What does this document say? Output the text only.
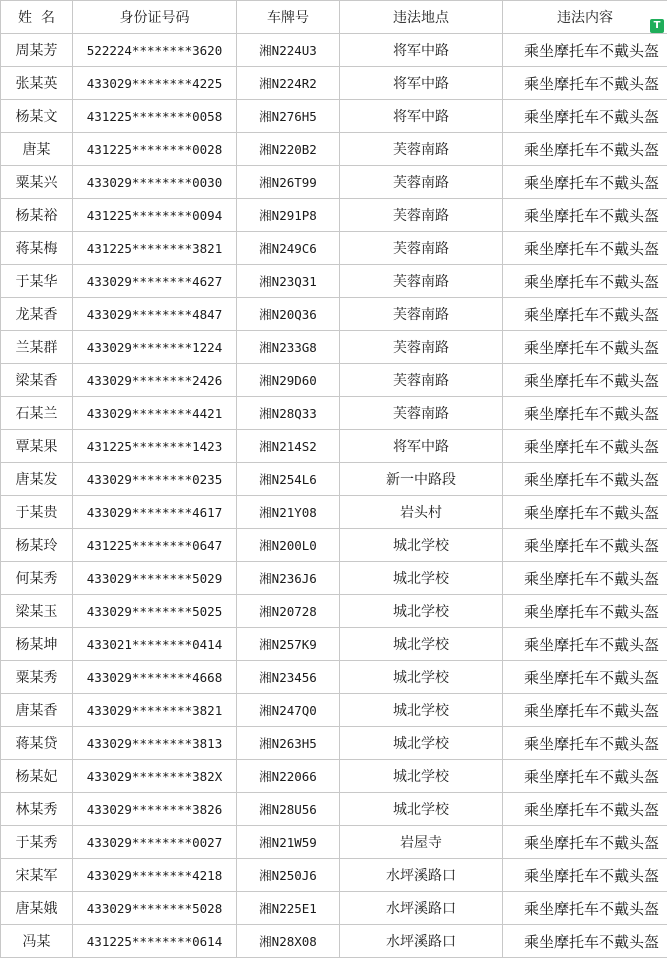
姓  名	身份证号码	车牌号	违法地点	违法内容 T

周某芳	522224********3620	湘N224U3	将军中路	乘坐摩托车不戴头盔
张某英	433029********4225	湘N224R2	将军中路	乘坐摩托车不戴头盔
杨某文	431225********0058	湘N276H5	将军中路	乘坐摩托车不戴头盔
唐某	431225********0028	湘N220B2	芙蓉南路	乘坐摩托车不戴头盔
粟某兴	433029********0030	湘N26T99	芙蓉南路	乘坐摩托车不戴头盔
杨某裕	431225********0094	湘N291P8	芙蓉南路	乘坐摩托车不戴头盔
蒋某梅	431225********3821	湘N249C6	芙蓉南路	乘坐摩托车不戴头盔
于某华	433029********4627	湘N23Q31	芙蓉南路	乘坐摩托车不戴头盔
龙某香	433029********4847	湘N20Q36	芙蓉南路	乘坐摩托车不戴头盔
兰某群	433029********1224	湘N233G8	芙蓉南路	乘坐摩托车不戴头盔
梁某香	433029********2426	湘N29D60	芙蓉南路	乘坐摩托车不戴头盔
石某兰	433029********4421	湘N28Q33	芙蓉南路	乘坐摩托车不戴头盔
覃某果	431225********1423	湘N214S2	将军中路	乘坐摩托车不戴头盔
唐某发	433029********0235	湘N254L6	新一中路段	乘坐摩托车不戴头盔
于某贵	433029********4617	湘N21Y08	岩头村	乘坐摩托车不戴头盔
杨某玲	431225********0647	湘N200L0	城北学校	乘坐摩托车不戴头盔
何某秀	433029********5029	湘N236J6	城北学校	乘坐摩托车不戴头盔
梁某玉	433029********5025	湘N20728	城北学校	乘坐摩托车不戴头盔
杨某坤	433021********0414	湘N257K9	城北学校	乘坐摩托车不戴头盔
粟某秀	433029********4668	湘N23456	城北学校	乘坐摩托车不戴头盔
唐某香	433029********3821	湘N247Q0	城北学校	乘坐摩托车不戴头盔
蒋某贷	433029********3813	湘N263H5	城北学校	乘坐摩托车不戴头盔
杨某妃	433029********382X	湘N22066	城北学校	乘坐摩托车不戴头盔
林某秀	433029********3826	湘N28U56	城北学校	乘坐摩托车不戴头盔
于某秀	433029********0027	湘N21W59	岩屋寺	乘坐摩托车不戴头盔
宋某军	433029********4218	湘N250J6	水坪溪路口	乘坐摩托车不戴头盔
唐某娥	433029********5028	湘N225E1	水坪溪路口	乘坐摩托车不戴头盔
冯某	431225********0614	湘N28X08	水坪溪路口	乘坐摩托车不戴头盔
